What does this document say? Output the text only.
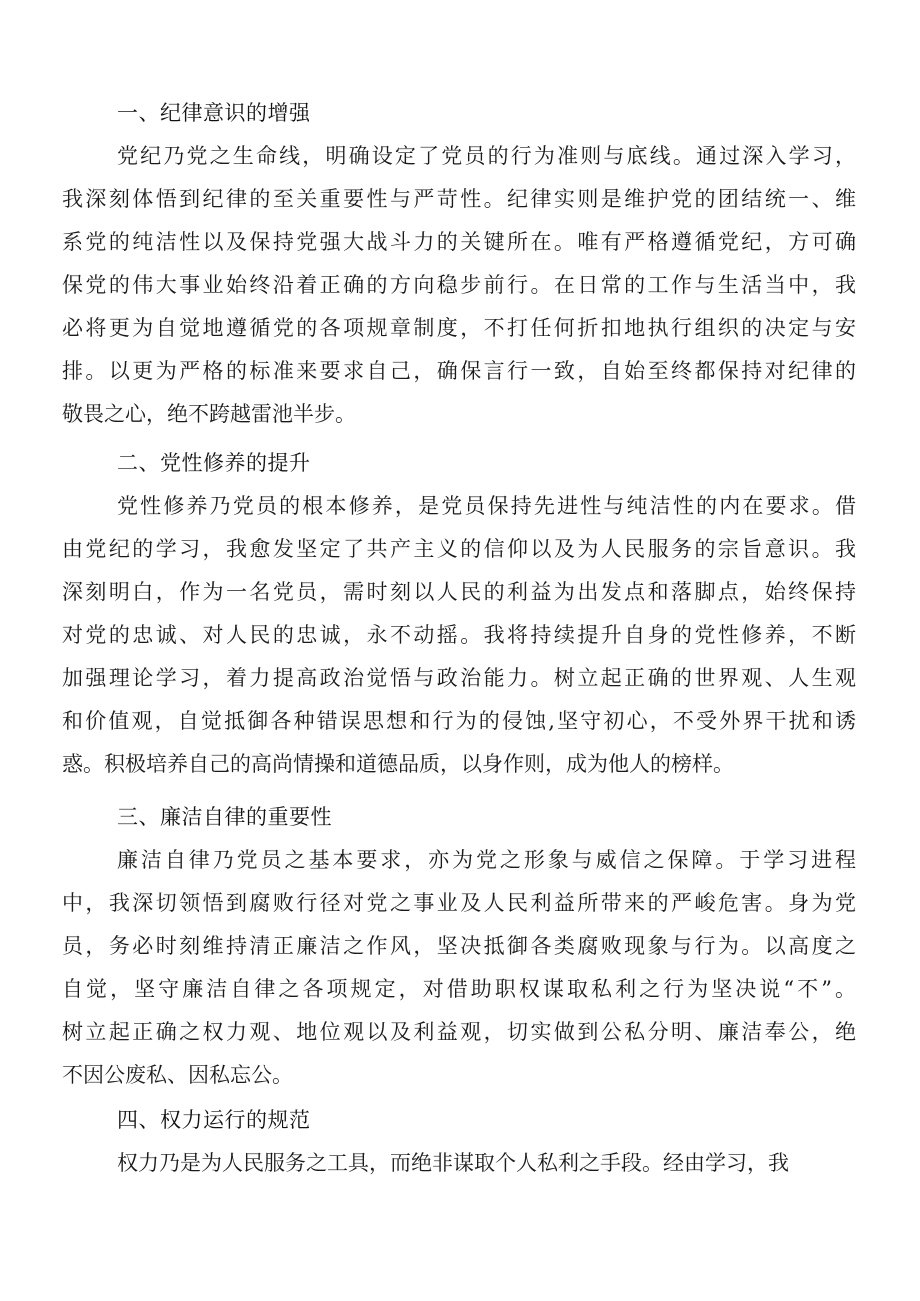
一、纪律意识的增强
党纪乃党之生命线，明确设定了党员的行为准则与底线。通过深入学习，
我深刻体悟到纪律的至关重要性与严苛性。纪律实则是维护党的团结统一、维
系党的纯洁性以及保持党强大战斗力的关键所在。唯有严格遵循党纪，方可确
保党的伟大事业始终沿着正确的方向稳步前行。在日常的工作与生活当中，我
必将更为自觉地遵循党的各项规章制度，不打任何折扣地执行组织的决定与安
排。以更为严格的标准来要求自己，确保言行一致，自始至终都保持对纪律的
敬畏之心，绝不跨越雷池半步。
二、党性修养的提升
党性修养乃党员的根本修养，是党员保持先进性与纯洁性的内在要求。借
由党纪的学习，我愈发坚定了共产主义的信仰以及为人民服务的宗旨意识。我
深刻明白，作为一名党员，需时刻以人民的利益为出发点和落脚点，始终保持
对党的忠诚、对人民的忠诚，永不动摇。我将持续提升自身的党性修养，不断
加强理论学习，着力提高政治觉悟与政治能力。树立起正确的世界观、人生观
和价值观，自觉抵御各种错误思想和行为的侵蚀,坚守初心，不受外界干扰和诱
惑。积极培养自己的高尚情操和道德品质，以身作则，成为他人的榜样。
三、廉洁自律的重要性
廉洁自律乃党员之基本要求，亦为党之形象与威信之保障。于学习进程
中，我深切领悟到腐败行径对党之事业及人民利益所带来的严峻危害。身为党
员，务必时刻维持清正廉洁之作风，坚决抵御各类腐败现象与行为。以高度之
自觉，坚守廉洁自律之各项规定，对借助职权谋取私利之行为坚决说“不”。
树立起正确之权力观、地位观以及利益观，切实做到公私分明、廉洁奉公，绝
不因公废私、因私忘公。
四、权力运行的规范
权力乃是为人民服务之工具，而绝非谋取个人私利之手段。经由学习，我
